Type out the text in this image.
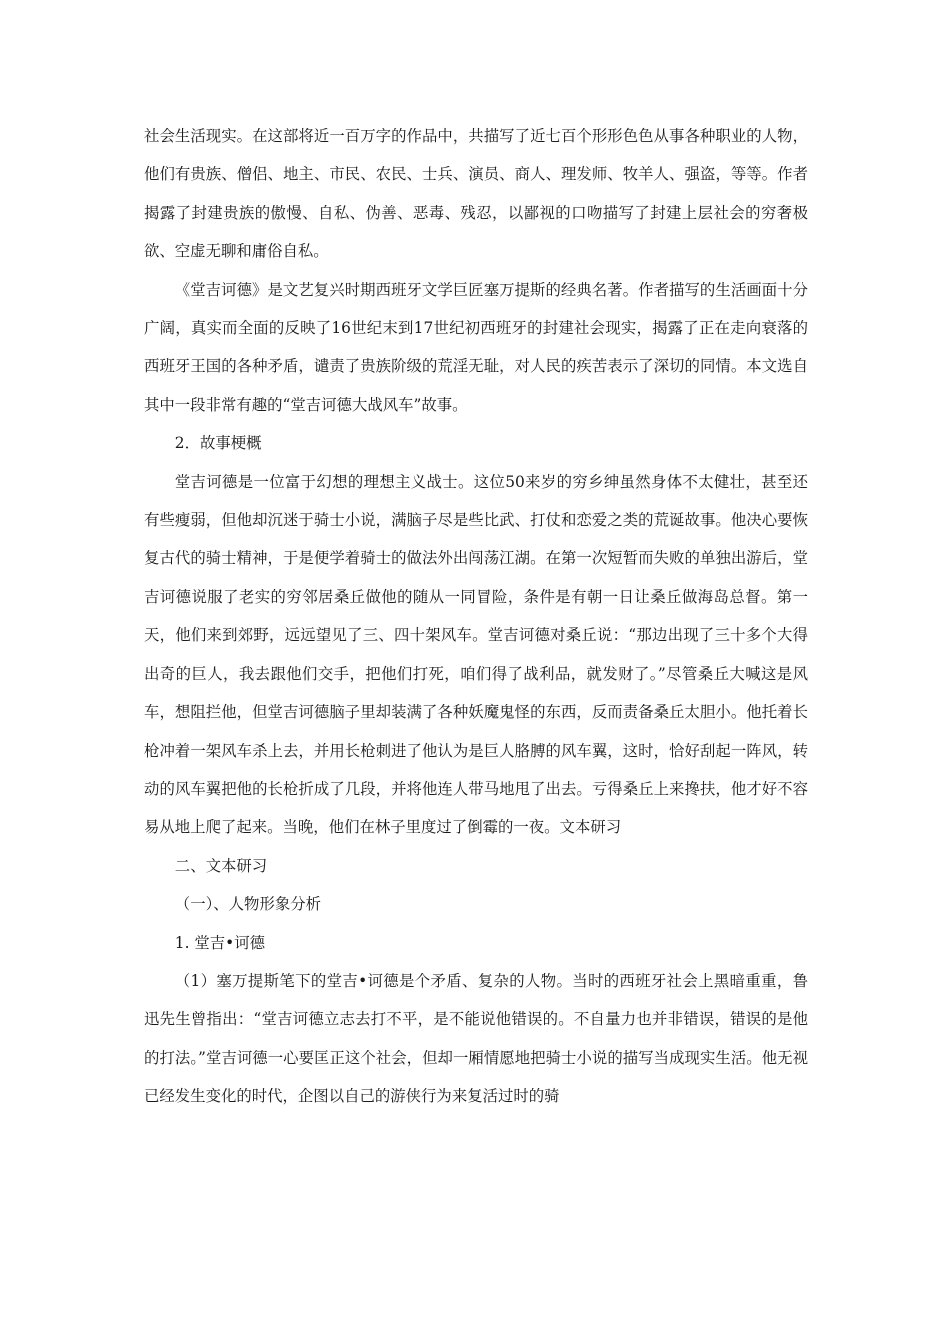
社会生活现实。在这部将近一百万字的作品中，共描写了近七百个形形色色从事各种职业的人物，他们有贵族、僧侣、地主、市民、农民、士兵、演员、商人、理发师、牧羊人、强盗，等等。作者揭露了封建贵族的傲慢、自私、伪善、恶毒、残忍，以鄙视的口吻描写了封建上层社会的穷奢极欲、空虚无聊和庸俗自私。

《堂吉诃德》是文艺复兴时期西班牙文学巨匠塞万提斯的经典名著。作者描写的生活画面十分广阔，真实而全面的反映了16世纪末到17世纪初西班牙的封建社会现实，揭露了正在走向衰落的西班牙王国的各种矛盾，谴责了贵族阶级的荒淫无耻，对人民的疾苦表示了深切的同情。本文选自其中一段非常有趣的“堂吉诃德大战风车”故事。

2．故事梗概

堂吉诃德是一位富于幻想的理想主义战士。这位50来岁的穷乡绅虽然身体不太健壮，甚至还有些瘦弱，但他却沉迷于骑士小说，满脑子尽是些比武、打仗和恋爱之类的荒诞故事。他决心要恢复古代的骑士精神，于是便学着骑士的做法外出闯荡江湖。在第一次短暂而失败的单独出游后，堂吉诃德说服了老实的穷邻居桑丘做他的随从一同冒险，条件是有朝一日让桑丘做海岛总督。第一天，他们来到郊野，远远望见了三、四十架风车。堂吉诃德对桑丘说：“那边出现了三十多个大得出奇的巨人，我去跟他们交手，把他们打死，咱们得了战利品，就发财了。”尽管桑丘大喊这是风车，想阻拦他，但堂吉诃德脑子里却装满了各种妖魔鬼怪的东西，反而责备桑丘太胆小。他托着长枪冲着一架风车杀上去，并用长枪刺进了他认为是巨人胳膊的风车翼，这时，恰好刮起一阵风，转动的风车翼把他的长枪折成了几段，并将他连人带马地甩了出去。亏得桑丘上来搀扶，他才好不容易从地上爬了起来。当晚，他们在林子里度过了倒霉的一夜。文本研习

二、文本研习

（一）、人物形象分析

1. 堂吉•诃德

（1）塞万提斯笔下的堂吉•诃德是个矛盾、复杂的人物。当时的西班牙社会上黑暗重重，鲁迅先生曾指出：“堂吉诃德立志去打不平，是不能说他错误的。不自量力也并非错误，错误的是他的打法。”堂吉诃德一心要匡正这个社会，但却一厢情愿地把骑士小说的描写当成现实生活。他无视已经发生变化的时代，企图以自己的游侠行为来复活过时的骑
